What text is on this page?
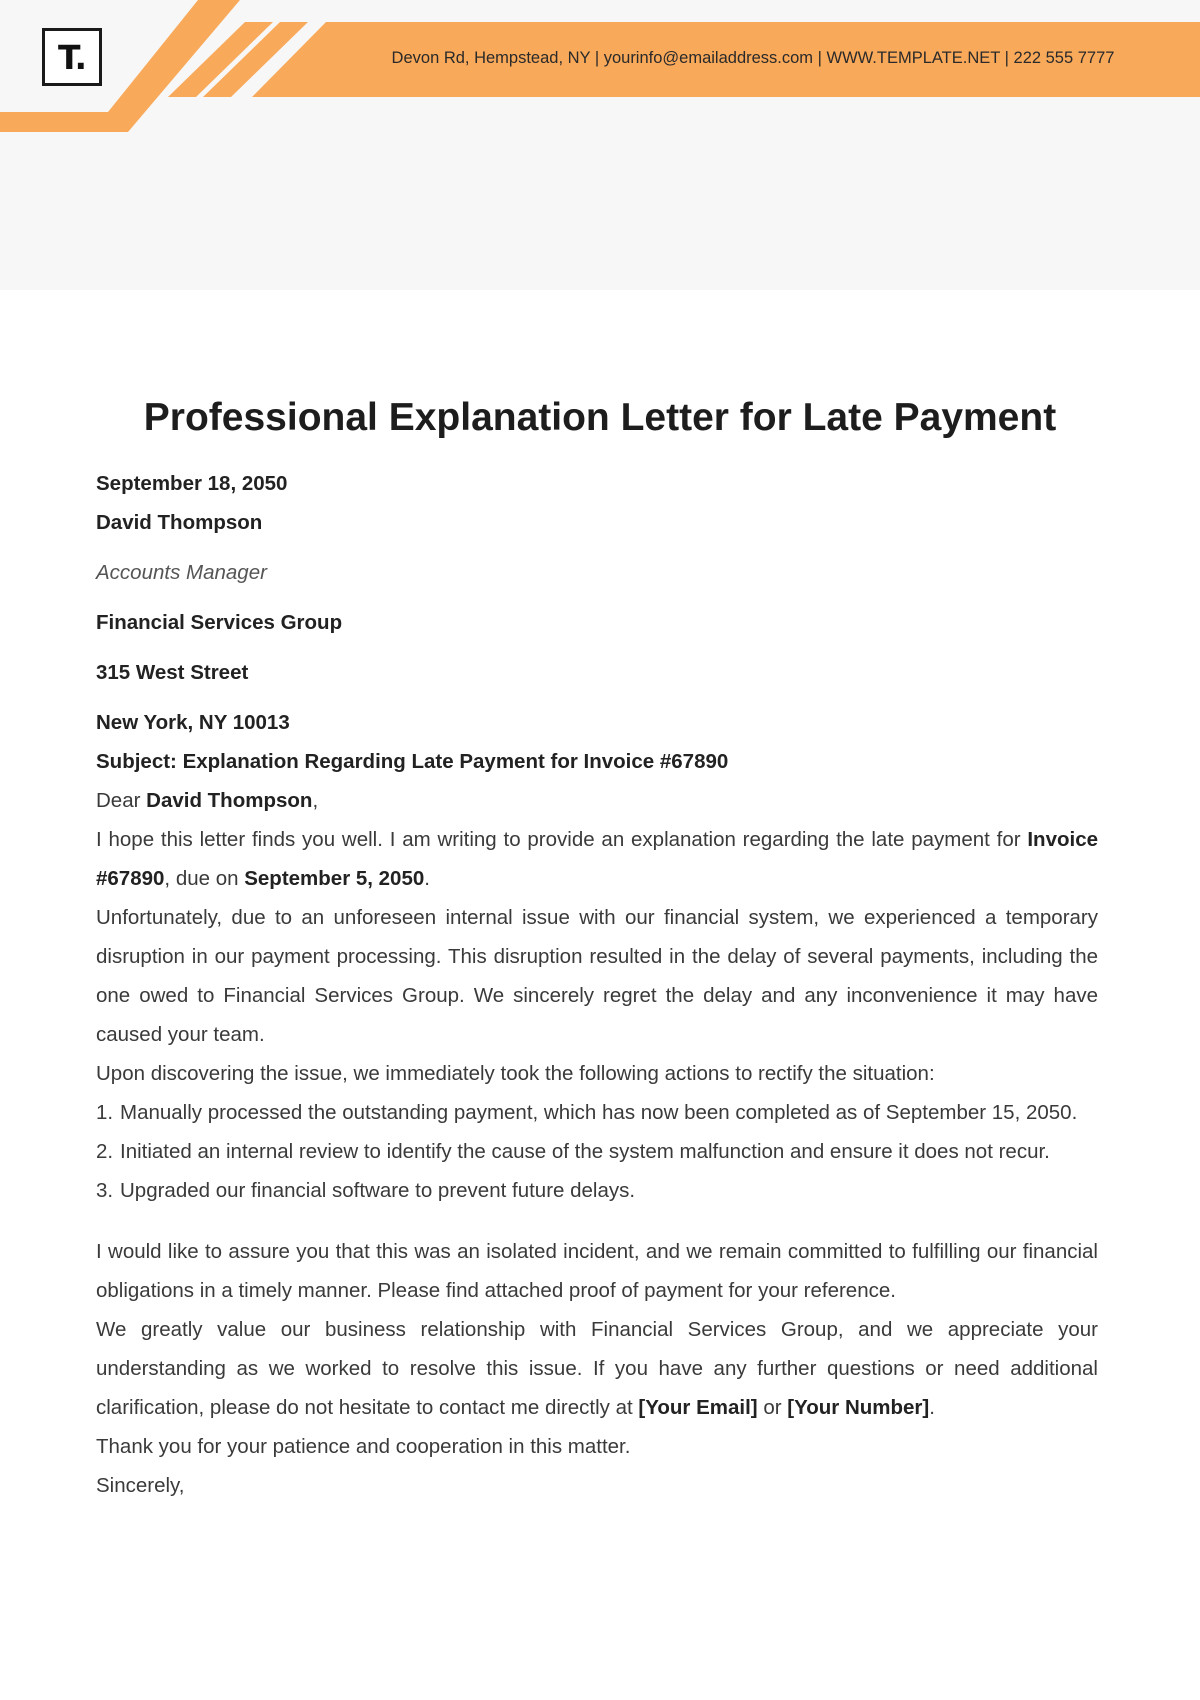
T.	Devon Rd, Hempstead, NY | yourinfo@emailaddress.com | WWW.TEMPLATE.NET | 222 555 7777
Professional Explanation Letter for Late Payment

September 18, 2050

David Thompson

Accounts Manager

Financial Services Group

315 West Street

New York, NY 10013

Subject: Explanation Regarding Late Payment for Invoice #67890

Dear David Thompson,

I hope this letter finds you well. I am writing to provide an explanation regarding the late payment for Invoice #67890, due on September 5, 2050.

Unfortunately, due to an unforeseen internal issue with our financial system, we experienced a temporary disruption in our payment processing. This disruption resulted in the delay of several payments, including the one owed to Financial Services Group. We sincerely regret the delay and any inconvenience it may have caused your team.

Upon discovering the issue, we immediately took the following actions to rectify the situation:

1. Manually processed the outstanding payment, which has now been completed as of September 15, 2050.
2. Initiated an internal review to identify the cause of the system malfunction and ensure it does not recur.
3. Upgraded our financial software to prevent future delays.

I would like to assure you that this was an isolated incident, and we remain committed to fulfilling our financial obligations in a timely manner. Please find attached proof of payment for your reference.

We greatly value our business relationship with Financial Services Group, and we appreciate your understanding as we worked to resolve this issue. If you have any further questions or need additional clarification, please do not hesitate to contact me directly at [Your Email] or [Your Number].

Thank you for your patience and cooperation in this matter.

Sincerely,
